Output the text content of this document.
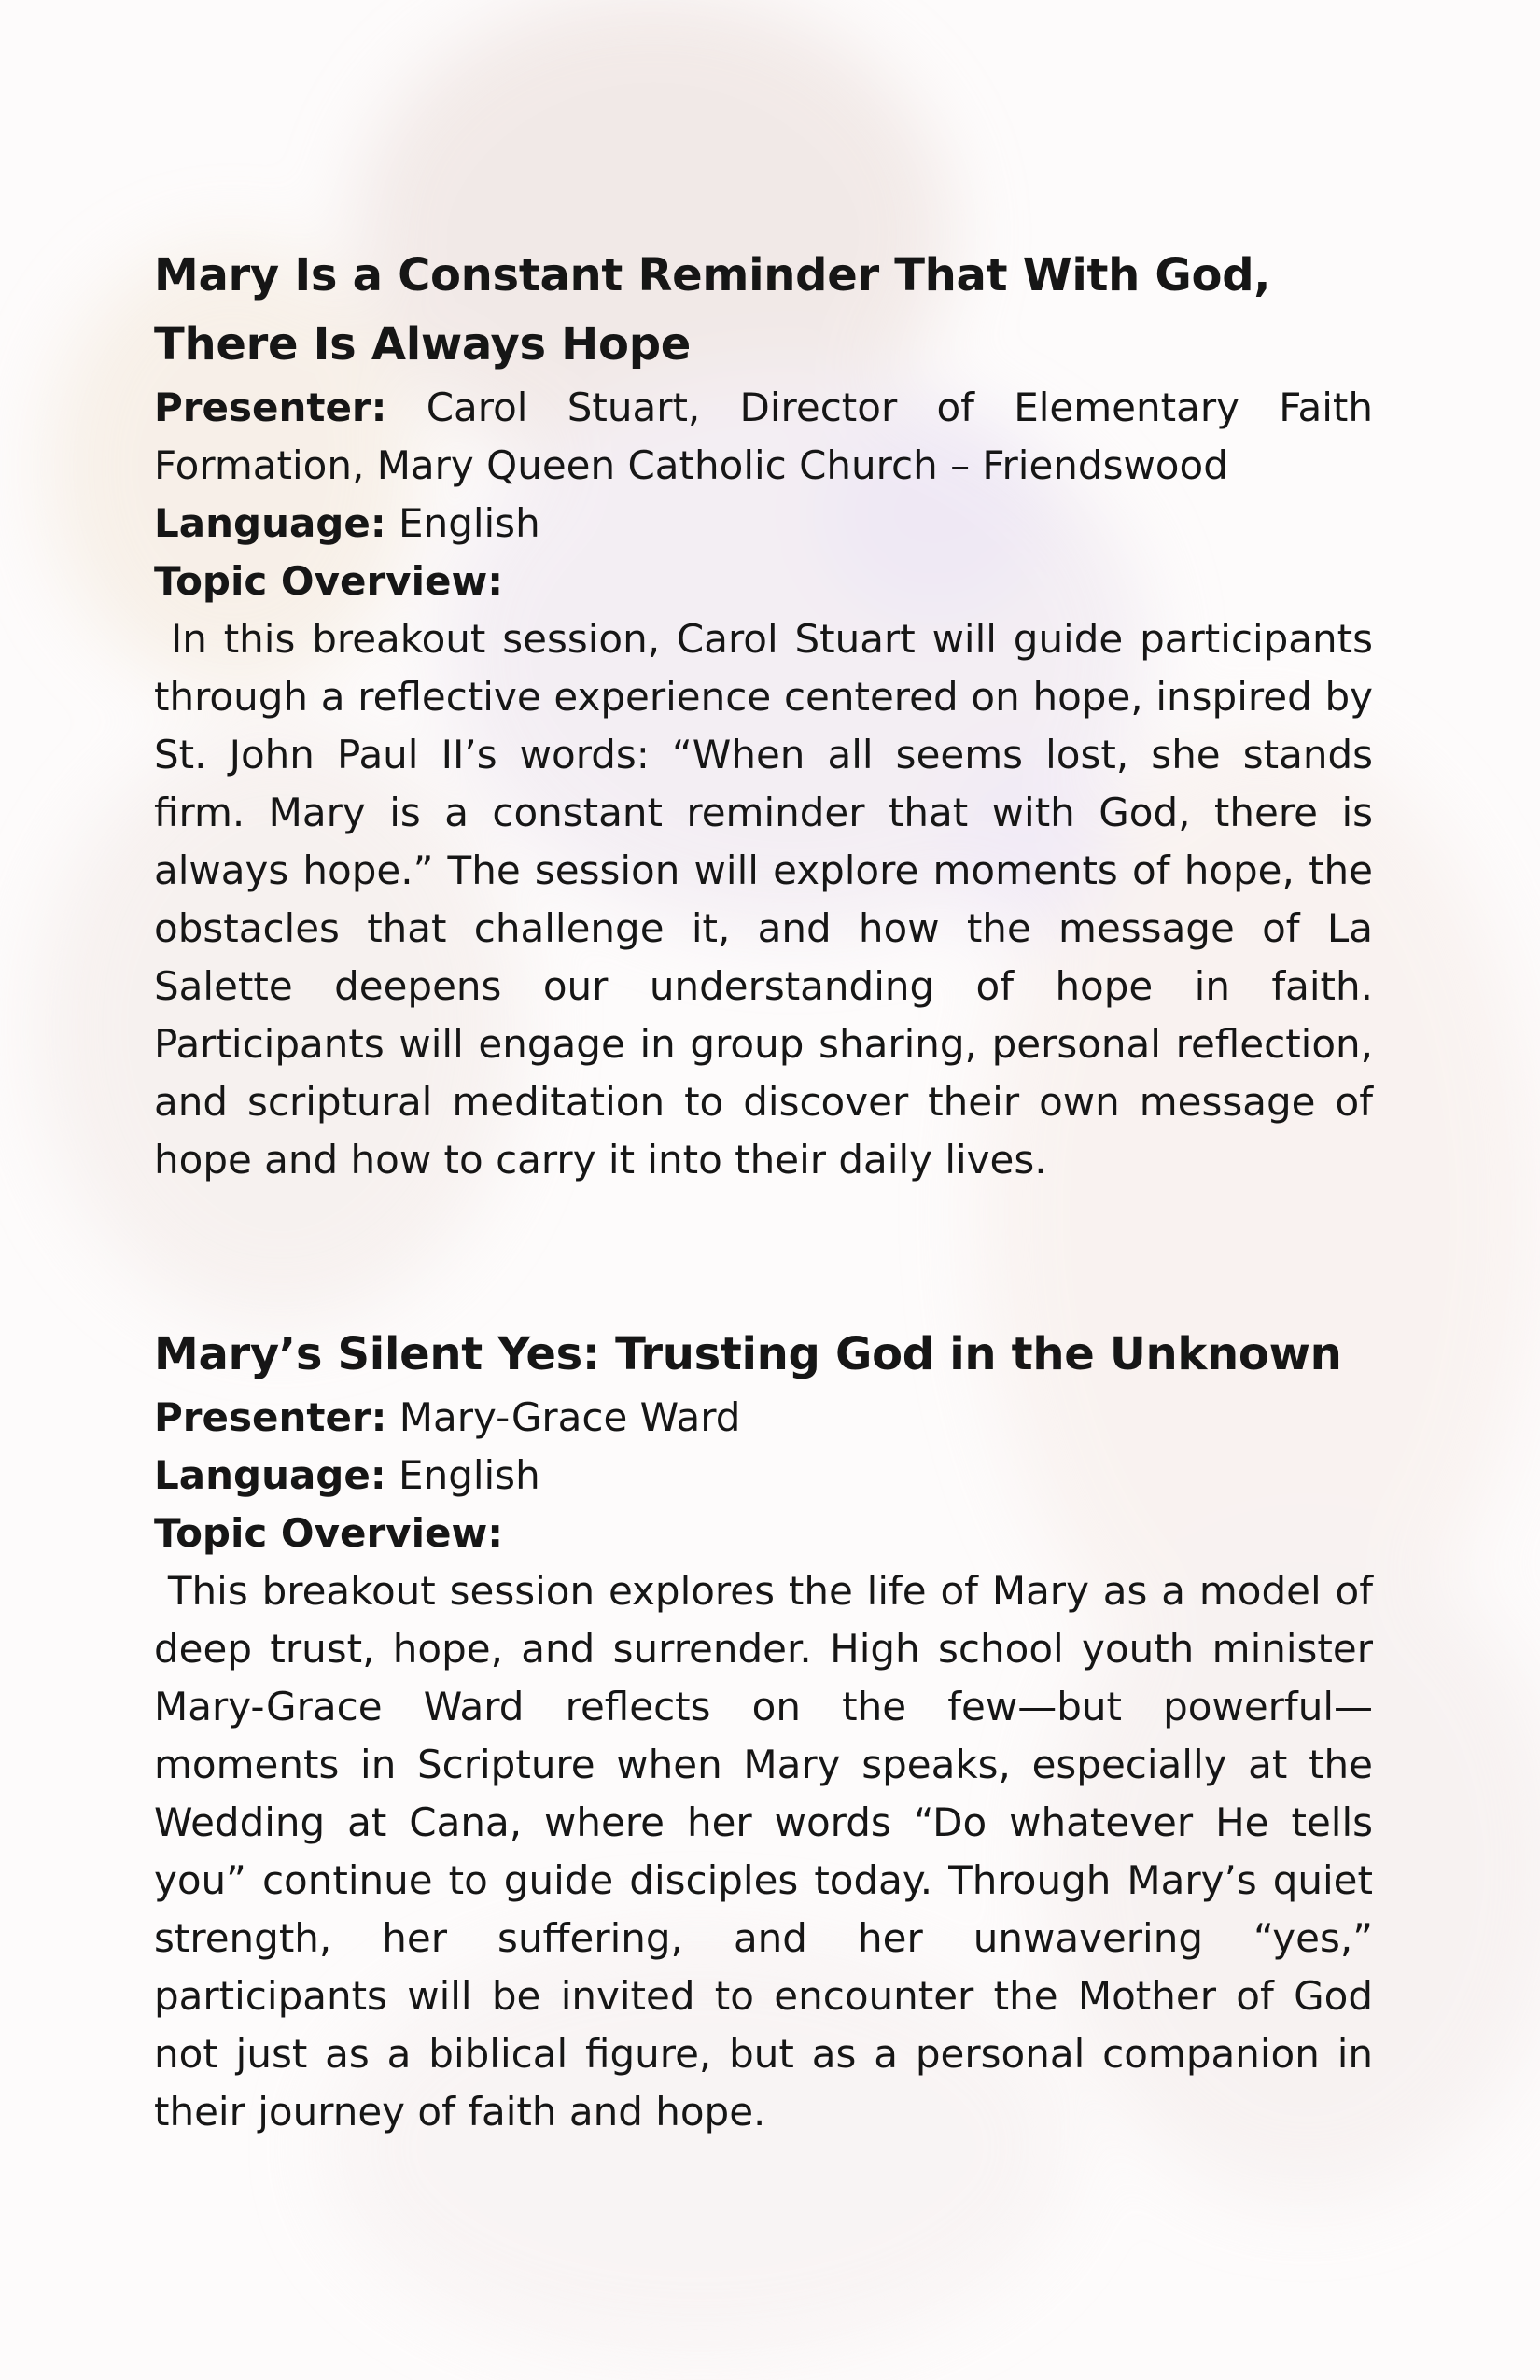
Mary Is a Constant Reminder That With God,
There Is Always Hope

Presenter: Carol Stuart, Director of Elementary Faith Formation, Mary Queen Catholic Church – Friendswood

Language: English

Topic Overview:

In this breakout session, Carol Stuart will guide participants through a reflective experience centered on hope, inspired by St. John Paul II’s words: “When all seems lost, she stands firm. Mary is a constant reminder that with God, there is always hope.” The session will explore moments of hope, the obstacles that challenge it, and how the message of La Salette deepens our understanding of hope in faith. Participants will engage in group sharing, personal reflection, and scriptural meditation to discover their own message of hope and how to carry it into their daily lives.

Mary’s Silent Yes: Trusting God in the Unknown

Presenter: Mary-Grace Ward

Language: English

Topic Overview:

This breakout session explores the life of Mary as a model of deep trust, hope, and surrender. High school youth minister Mary-Grace Ward reflects on the few—but powerful—moments in Scripture when Mary speaks, especially at the Wedding at Cana, where her words “Do whatever He tells you” continue to guide disciples today. Through Mary’s quiet strength, her suffering, and her unwavering “yes,” participants will be invited to encounter the Mother of God not just as a biblical figure, but as a personal companion in their journey of faith and hope.
